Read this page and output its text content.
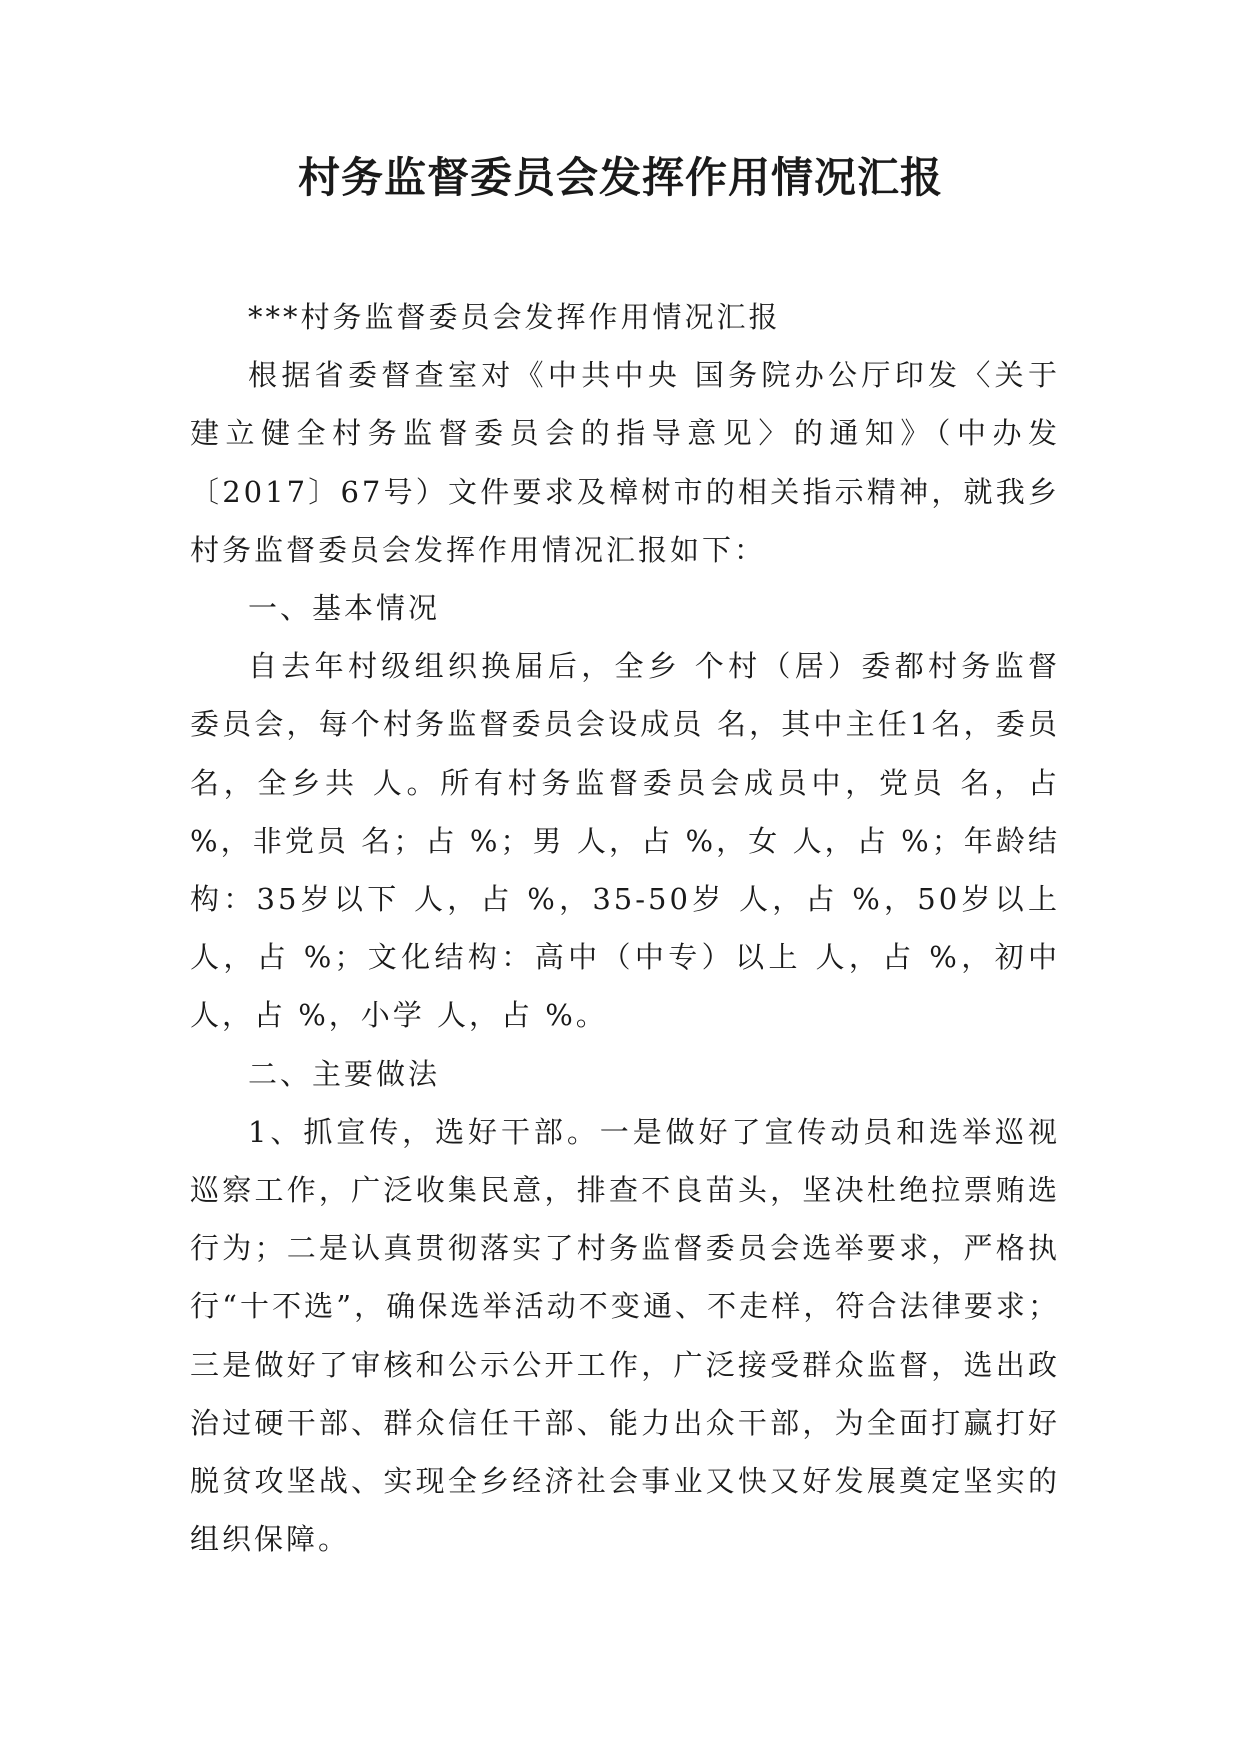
村务监督委员会发挥作用情况汇报

***村务监督委员会发挥作用情况汇报

根据省委督查室对《中共中央 国务院办公厅印发〈关于建立健全村务监督委员会的指导意见〉的通知》（中办发〔2017〕67号）文件要求及樟树市的相关指示精神，就我乡村务监督委员会发挥作用情况汇报如下：

一、基本情况

自去年村级组织换届后，全乡 个村（居）委都村务监督委员会，每个村务监督委员会设成员 名，其中主任1名，委员 名，全乡共 人。所有村务监督委员会成员中，党员 名，占 %，非党员 名；占 %；男 人，占 %，女 人，占 %；年龄结构：35岁以下 人，占 %，35-50岁 人，占 %，50岁以上 人，占 %；文化结构：高中（中专）以上 人，占 %，初中 人，占 %，小学 人，占 %。

二、主要做法

1、抓宣传，选好干部。一是做好了宣传动员和选举巡视巡察工作，广泛收集民意，排查不良苗头，坚决杜绝拉票贿选行为；二是认真贯彻落实了村务监督委员会选举要求，严格执行“十不选”，确保选举活动不变通、不走样，符合法律要求；三是做好了审核和公示公开工作，广泛接受群众监督，选出政治过硬干部、群众信任干部、能力出众干部，为全面打赢打好脱贫攻坚战、实现全乡经济社会事业又快又好发展奠定坚实的组织保障。
